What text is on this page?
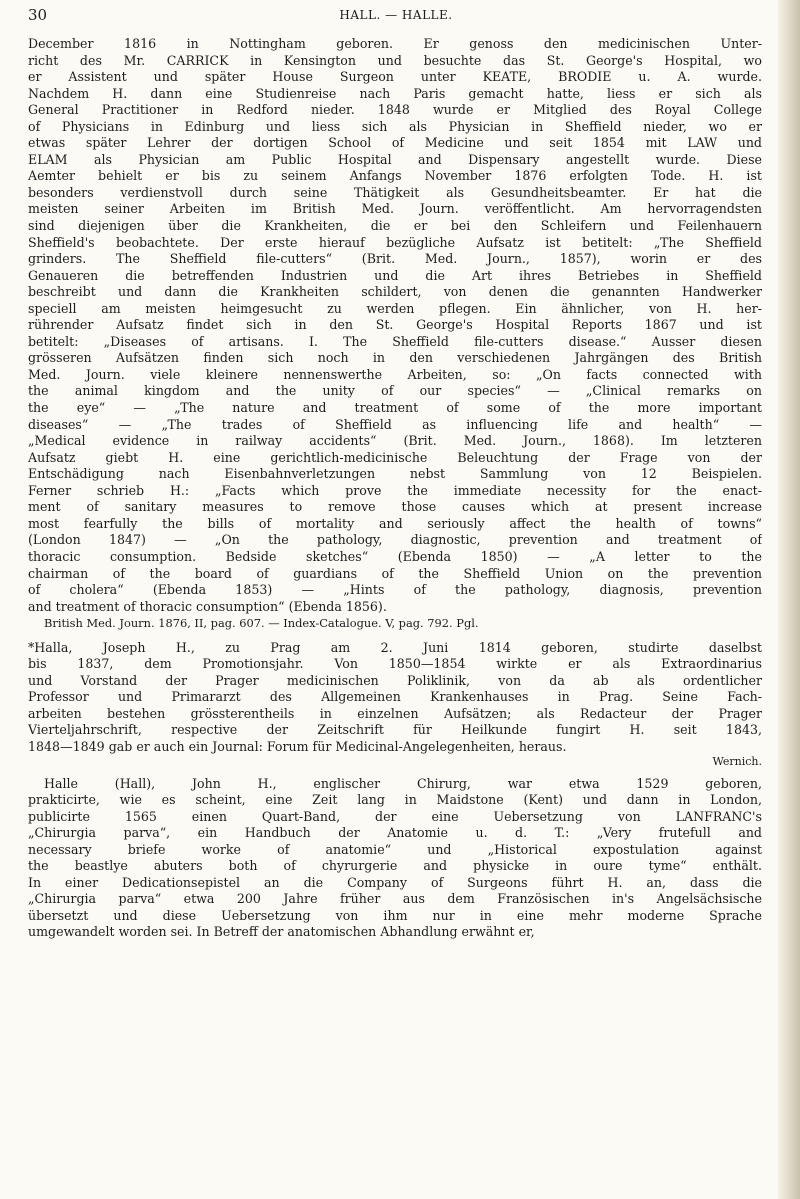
30	HALL. — HALLE.
December 1816 in Nottingham geboren. Er genoss den medicinischen Unter-
richt des Mr. CARRICK in Kensington und besuchte das St. George's Hospital, wo
er Assistent und später House Surgeon unter KEATE, BRODIE u. A. wurde.
Nachdem H. dann eine Studienreise nach Paris gemacht hatte, liess er sich als
General Practitioner in Redford nieder. 1848 wurde er Mitglied des Royal College
of Physicians in Edinburg und liess sich als Physician in Sheffield nieder, wo er
etwas später Lehrer der dortigen School of Medicine und seit 1854 mit LAW und
ELAM als Physician am Public Hospital and Dispensary angestellt wurde. Diese
Aemter behielt er bis zu seinem Anfangs November 1876 erfolgten Tode. H. ist
besonders verdienstvoll durch seine Thätigkeit als Gesundheitsbeamter. Er hat die
meisten seiner Arbeiten im British Med. Journ. veröffentlicht. Am hervorragendsten
sind diejenigen über die Krankheiten, die er bei den Schleifern und Feilenhauern
Sheffield's beobachtete. Der erste hierauf bezügliche Aufsatz ist betitelt: „The Sheffield
grinders. The Sheffield file-cutters“ (Brit. Med. Journ., 1857), worin er des
Genaueren die betreffenden Industrien und die Art ihres Betriebes in Sheffield
beschreibt und dann die Krankheiten schildert, von denen die genannten Handwerker
speciell am meisten heimgesucht zu werden pflegen. Ein ähnlicher, von H. her-
rührender Aufsatz findet sich in den St. George's Hospital Reports 1867 und ist
betitelt: „Diseases of artisans. I. The Sheffield file-cutters disease.“ Ausser diesen
grösseren Aufsätzen finden sich noch in den verschiedenen Jahrgängen des British
Med. Journ. viele kleinere nennenswerthe Arbeiten, so: „On facts connected with
the animal kingdom and the unity of our species“ — „Clinical remarks on
the eye“ — „The nature and treatment of some of the more important
diseases“ — „The trades of Sheffield as influencing life and health“ —
„Medical evidence in railway accidents“ (Brit. Med. Journ., 1868). Im letzteren
Aufsatz giebt H. eine gerichtlich-medicinische Beleuchtung der Frage von der
Entschädigung nach Eisenbahnverletzungen nebst Sammlung von 12 Beispielen.
Ferner schrieb H.: „Facts which prove the immediate necessity for the enact-
ment of sanitary measures to remove those causes which at present increase
most fearfully the bills of mortality and seriously affect the health of towns“
(London 1847) — „On the pathology, diagnostic, prevention and treatment of
thoracic consumption. Bedside sketches“ (Ebenda 1850) — „A letter to the
chairman of the board of guardians of the Sheffield Union on the prevention
of cholera“ (Ebenda 1853) — „Hints of the pathology, diagnosis, prevention
and treatment of thoracic consumption“ (Ebenda 1856).
British Med. Journ. 1876, II, pag. 607. — Index-Catalogue. V, pag. 792. Pgl.
*Halla, Joseph H., zu Prag am 2. Juni 1814 geboren, studirte daselbst
bis 1837, dem Promotionsjahr. Von 1850—1854 wirkte er als Extraordinarius
und Vorstand der Prager medicinischen Poliklinik, von da ab als ordentlicher
Professor und Primararzt des Allgemeinen Krankenhauses in Prag. Seine Fach-
arbeiten bestehen grössterentheils in einzelnen Aufsätzen; als Redacteur der Prager
Vierteljahrschrift, respective der Zeitschrift für Heilkunde fungirt H. seit 1843,
1848—1849 gab er auch ein Journal: Forum für Medicinal-Angelegenheiten, heraus.
Wernich.
Halle (Hall), John H., englischer Chirurg, war etwa 1529 geboren,
prakticirte, wie es scheint, eine Zeit lang in Maidstone (Kent) und dann in London,
publicirte 1565 einen Quart-Band, der eine Uebersetzung von LANFRANC's
„Chirurgia parva“, ein Handbuch der Anatomie u. d. T.: „Very frutefull and
necessary briefe worke of anatomie“ und „Historical expostulation against
the beastlye abuters both of chyrurgerie and physicke in oure tyme“ enthält.
In einer Dedicationsepistel an die Company of Surgeons führt H. an, dass die
„Chirurgia parva“ etwa 200 Jahre früher aus dem Französischen in's Angelsächsische
übersetzt und diese Uebersetzung von ihm nur in eine mehr moderne Sprache
umgewandelt worden sei. In Betreff der anatomischen Abhandlung erwähnt er,
